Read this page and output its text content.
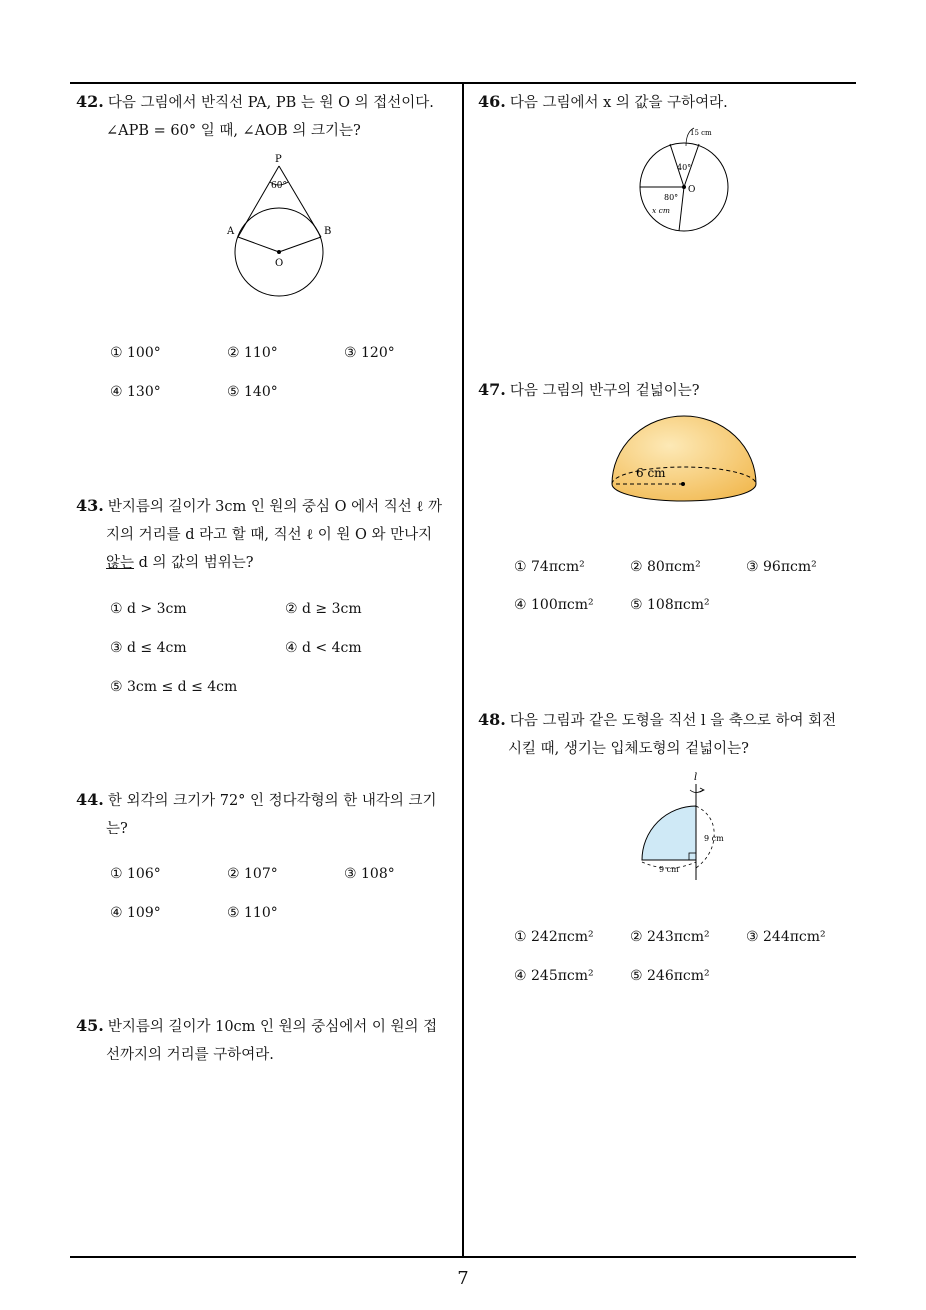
42. 다음 그림에서 반직선 PA, PB 는 원 O 의 접선이다.
∠APB = 60° 일 때, ∠AOB 의 크기는?
P
60°
A	B
O
① 100°	② 110°	③ 120°
④ 130°	⑤ 140°
43. 반지름의 길이가 3cm 인 원의 중심 O 에서 직선 ℓ 까
지의 거리를 d 라고 할 때, 직선 ℓ 이 원 O 와 만나지
않는 d 의 값의 범위는?
① d > 3cm	② d ≥ 3cm
③ d ≤ 4cm	④ d < 4cm
⑤ 3cm ≤ d ≤ 4cm
44. 한 외각의 크기가 72° 인 정다각형의 한 내각의 크기
는?
① 106°	② 107°	③ 108°
④ 109°	⑤ 110°
45. 반지름의 길이가 10cm 인 원의 중심에서 이 원의 접
선까지의 거리를 구하여라.
46. 다음 그림에서 x 의 값을 구하여라.
15 cm
40°
O
80°
x cm
47. 다음 그림의 반구의 겉넓이는?
6 cm
① 74πcm²	② 80πcm²	③ 96πcm²
④ 100πcm²	⑤ 108πcm²
48. 다음 그림과 같은 도형을 직선 l 을 축으로 하여 회전
시킬 때, 생기는 입체도형의 겉넓이는?
l
9 cm
9 cm
① 242πcm²	② 243πcm²	③ 244πcm²
④ 245πcm²	⑤ 246πcm²
7
